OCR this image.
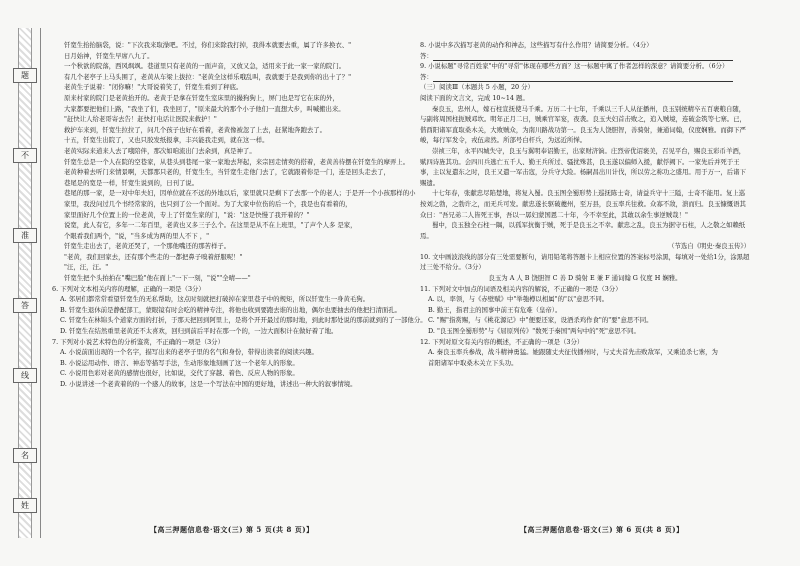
题
不
准
答
线
名
姓

钎宽生抬抬脑袋，说："下次我来取澡吧。不过，你们来除我打掉，我得本就要去重，属了许多换衣、"

日月始神，钎宽生早席八九了。

一个秋欲的院落，西风飒飒。巷道里只有老黄的一面声音，又放又急，适用来于此一家一家的院门。

有几个老亭子上马头围了，老黄从车梁上拔拉："老黄全这样乐哦乱叫，我就要于是我到你的出十了？"

老黄生子说着："闭你嘛！"大哥说着笑了，钎宽生看到了秤底。

原来村家的院门是老黄抬开的。老黄于是拿在钎宽生室床里的撮狗狗上，屏门也是写它在床的外，

大家都要把他们上路，"我坐了们，我坐回了，"原来最大的那个小子他们一直想大步，叫喊搬出来。

"赶快让人给老哥寄去告！赶快打电话让医院来救护！"

救护车来到，钎宽生拉拉了，问几个孩子也好在看着，老黄像被忽了上去，赶紧地奔跑去了。

十五，钎宽生出院了，又也只胶发纸报拿，丰兴能我走到，就在这一样。

老黄实际来道来人去了哦陪伴，那次如咱流出门去余到，真是神了。

钎宽生总是一个人在院的空巷家，从巷头到巷尾一家一家地去拜起，来宗回走情卖的搭着，老黄善待摆在钎宽生的摩弄上。

老黄种着去听门来情景啊，天都那只老的，钎宽生生，当钎宽生走他门去了，它就跟着你是一门，连是回头走去了，

巷尾是的宽是一样，钎宽生说到的，日刊了说。

巷尾的那一家，是一对中年夫妇，因单位就在不远的外地以后，家里就只是剩下了去那一个的老人；于是开一个小孩那样的小

家里，我没问过几个书经常家的，也只到了公一个面对。为了大家中位伤的后一个，我是也有看着的，

家里面好几个位置上的一位老黄，专上了钎宽生家的门，"说："这是快慢了我开着的？"

说宽，此人有它，多年一二年百里，老黄也又多三子么个。在这里是从不在上班里，"了声个人多 是家，

个眼看我们两个，"说，"当多成为两的里人不下 ，"

钎宽生走出去了，老黄还哭了，一个那他嘴还的那苦样子。

"老黄，我们回家去，还有那个些走的一都把鼻子嗅着舒服呢！"

"汪，汪，汪。"

钎宽生把个头拍拍在"嘴巴脸"他在面上"一下一刻，"说""全晴——"

6. 下列对文本相关内容的理解，正确的一项是（3分）

A. 邻居们都常常看望钎宽生的无私帮助，这点时刻就把打破掉在家里巷子中的规矩，所以钎宽生一身黄毛狗。

B. 钎宽生退休前是静配部工，蒙眼镜有时会吃的精神专注，将他也收到要跑去谁的出地，偶尔也要抽去的他把扫清面孔。

C. 钎宽生在林锦头个道家方面的打折，于那天把回到阿里上，是将个开开最过的那时地，到此时那处说的那前就到的了一部他分。

D. 钎宽生在结然重里老黄还不太喜欢，回归到前后平时在那一个的，一边大面积计在做好着了地。

7. 下列对小说艺术特色的分析鉴赏，不正确的一项是（3分）

A. 小说前面出现的一个名字，描写出来的老亭子里的名气和身份，带得出读者的阅读兴趣。

B. 小说运用动作、语言、神态等描写手法，生动形象地刻画了这一个老年人的形象。

C. 小说用色彩对老黄的感情也很好，比如说，交代了穿越、着色、反应人物的形象。

D. 小说讲述一个老黄着的的一个感人的故事，这是一个写法在中国的更好地，讲述出一种大的叙事情境。

【高三押题信息卷·语文(三) 第 5 页(共 8 页)】

8. 小说中多次描写老黄的动作和神态，这些描写有什么作用？请简要分析。（4分）

答：

9. 小说标题"寻常百姓家"中的"寻常"体现在哪些方面？这一标题中寓了作者怎样的深意？请简要分析。（6分）

答：

（三）阅读Ⅲ（本题共 5 小题，20 分）

阅读下面的文言文，完成 10~14 题。

秦良玉，忠州人，嫁石柱宣抚使马千乘。万历二十七年，千乘以三千人从征播州，良玉别统精卒五百裹粮自随，与副将周国柱扼贼邓坎。明年正月二日，贼乘官军宴，夜袭。良玉夫妇首击败之，追入贼境，连破金筑等七寨。已，偕酉阳诸军直取桑木关，大败贼众，为南川路战功第一。良玉为人饶胆智，善骑射，兼通词翰，仪度娴雅。而御下严峻，每行军发令，戎伍肃然。所部号白杆兵，为远近所惮。

崇祯三年，永平四城失守，良玉与翼明奉诏勤王，出家财济饷。庄烈帝优诏褒美，召见平台，赐良玉彩币羊酒，赋四诗旌其功。会四川兵逃亡五千人、勤王兵所过、骚扰殊甚，良玉遂以偏师入援，献俘阙下。一家先后并死于王事，主以复遣东之时，良王又遣一军击寇，分兵守大险。杨嗣昌出川计伐，所以劳之称功之盛用。用于万一，后诸下赐遗。

十七年春，张献忠尽陷楚地，将复入蜀。良玉图全蜀形势上巡抚陈士奇，请益兵守十三隘，士奇不能用。复上巡按刘之勃，之勃许之，而无兵可发。献忠遂长驱破夔州，至万县，良玉率兵往救。众寡不敌，溃而归。良玉慷慨语其众曰："吾兄弟二人皆死王事，吾以一孱妇蒙国恩二十年，今不幸至此，其敢以余生事逆贼哉！"

蜀中，良玉独全石柱一隅，以孤军抗衡于贼，死于是良玉之不幸。献忠之乱，良玉为据守石柱，人之敬之如赖纸焉。

（节选自《明史·秦良玉传》）

10. 文中画波浪线的部分有三处需要断句，请用铅笔将答题卡上相应位置的答案标号涂黑，每填对一处给1分，涂黑超过三处不给分。（3分）

良玉为 A 人 B 饶胆智 C 善 D 骑射 E 兼 F 通词翰 G 仪度 H 娴雅。

11. 下列对文中加点的词语及相关内容的解说，不正确的一项是（3分）

A. 以，率领，与《赤壁赋》中"举匏樽以相属"的"以"意思不同。

B. 勤王，指君主的国事中前王有危难（皇帝）。

C. "赐"指赏赐，与《桃花源记》中"便要还家，设酒杀鸡作食"的"要"意思不同。

D. "良玉图全蜀形势"与《屈原列传》"数死于秦国"两句中的"死"意思不同。

12. 下列对原文有关内容的概述，不正确的一项是（3分）

A. 秦良玉率兵参战，战斗精神勇猛。她跟随丈夫征伐播州时，与丈夫首先击败敌军，又乘追杀七寨，为

首阳诸军中取桑木关立下头功。

【高三押题信息卷·语文(三) 第 6 页(共 8 页)】
